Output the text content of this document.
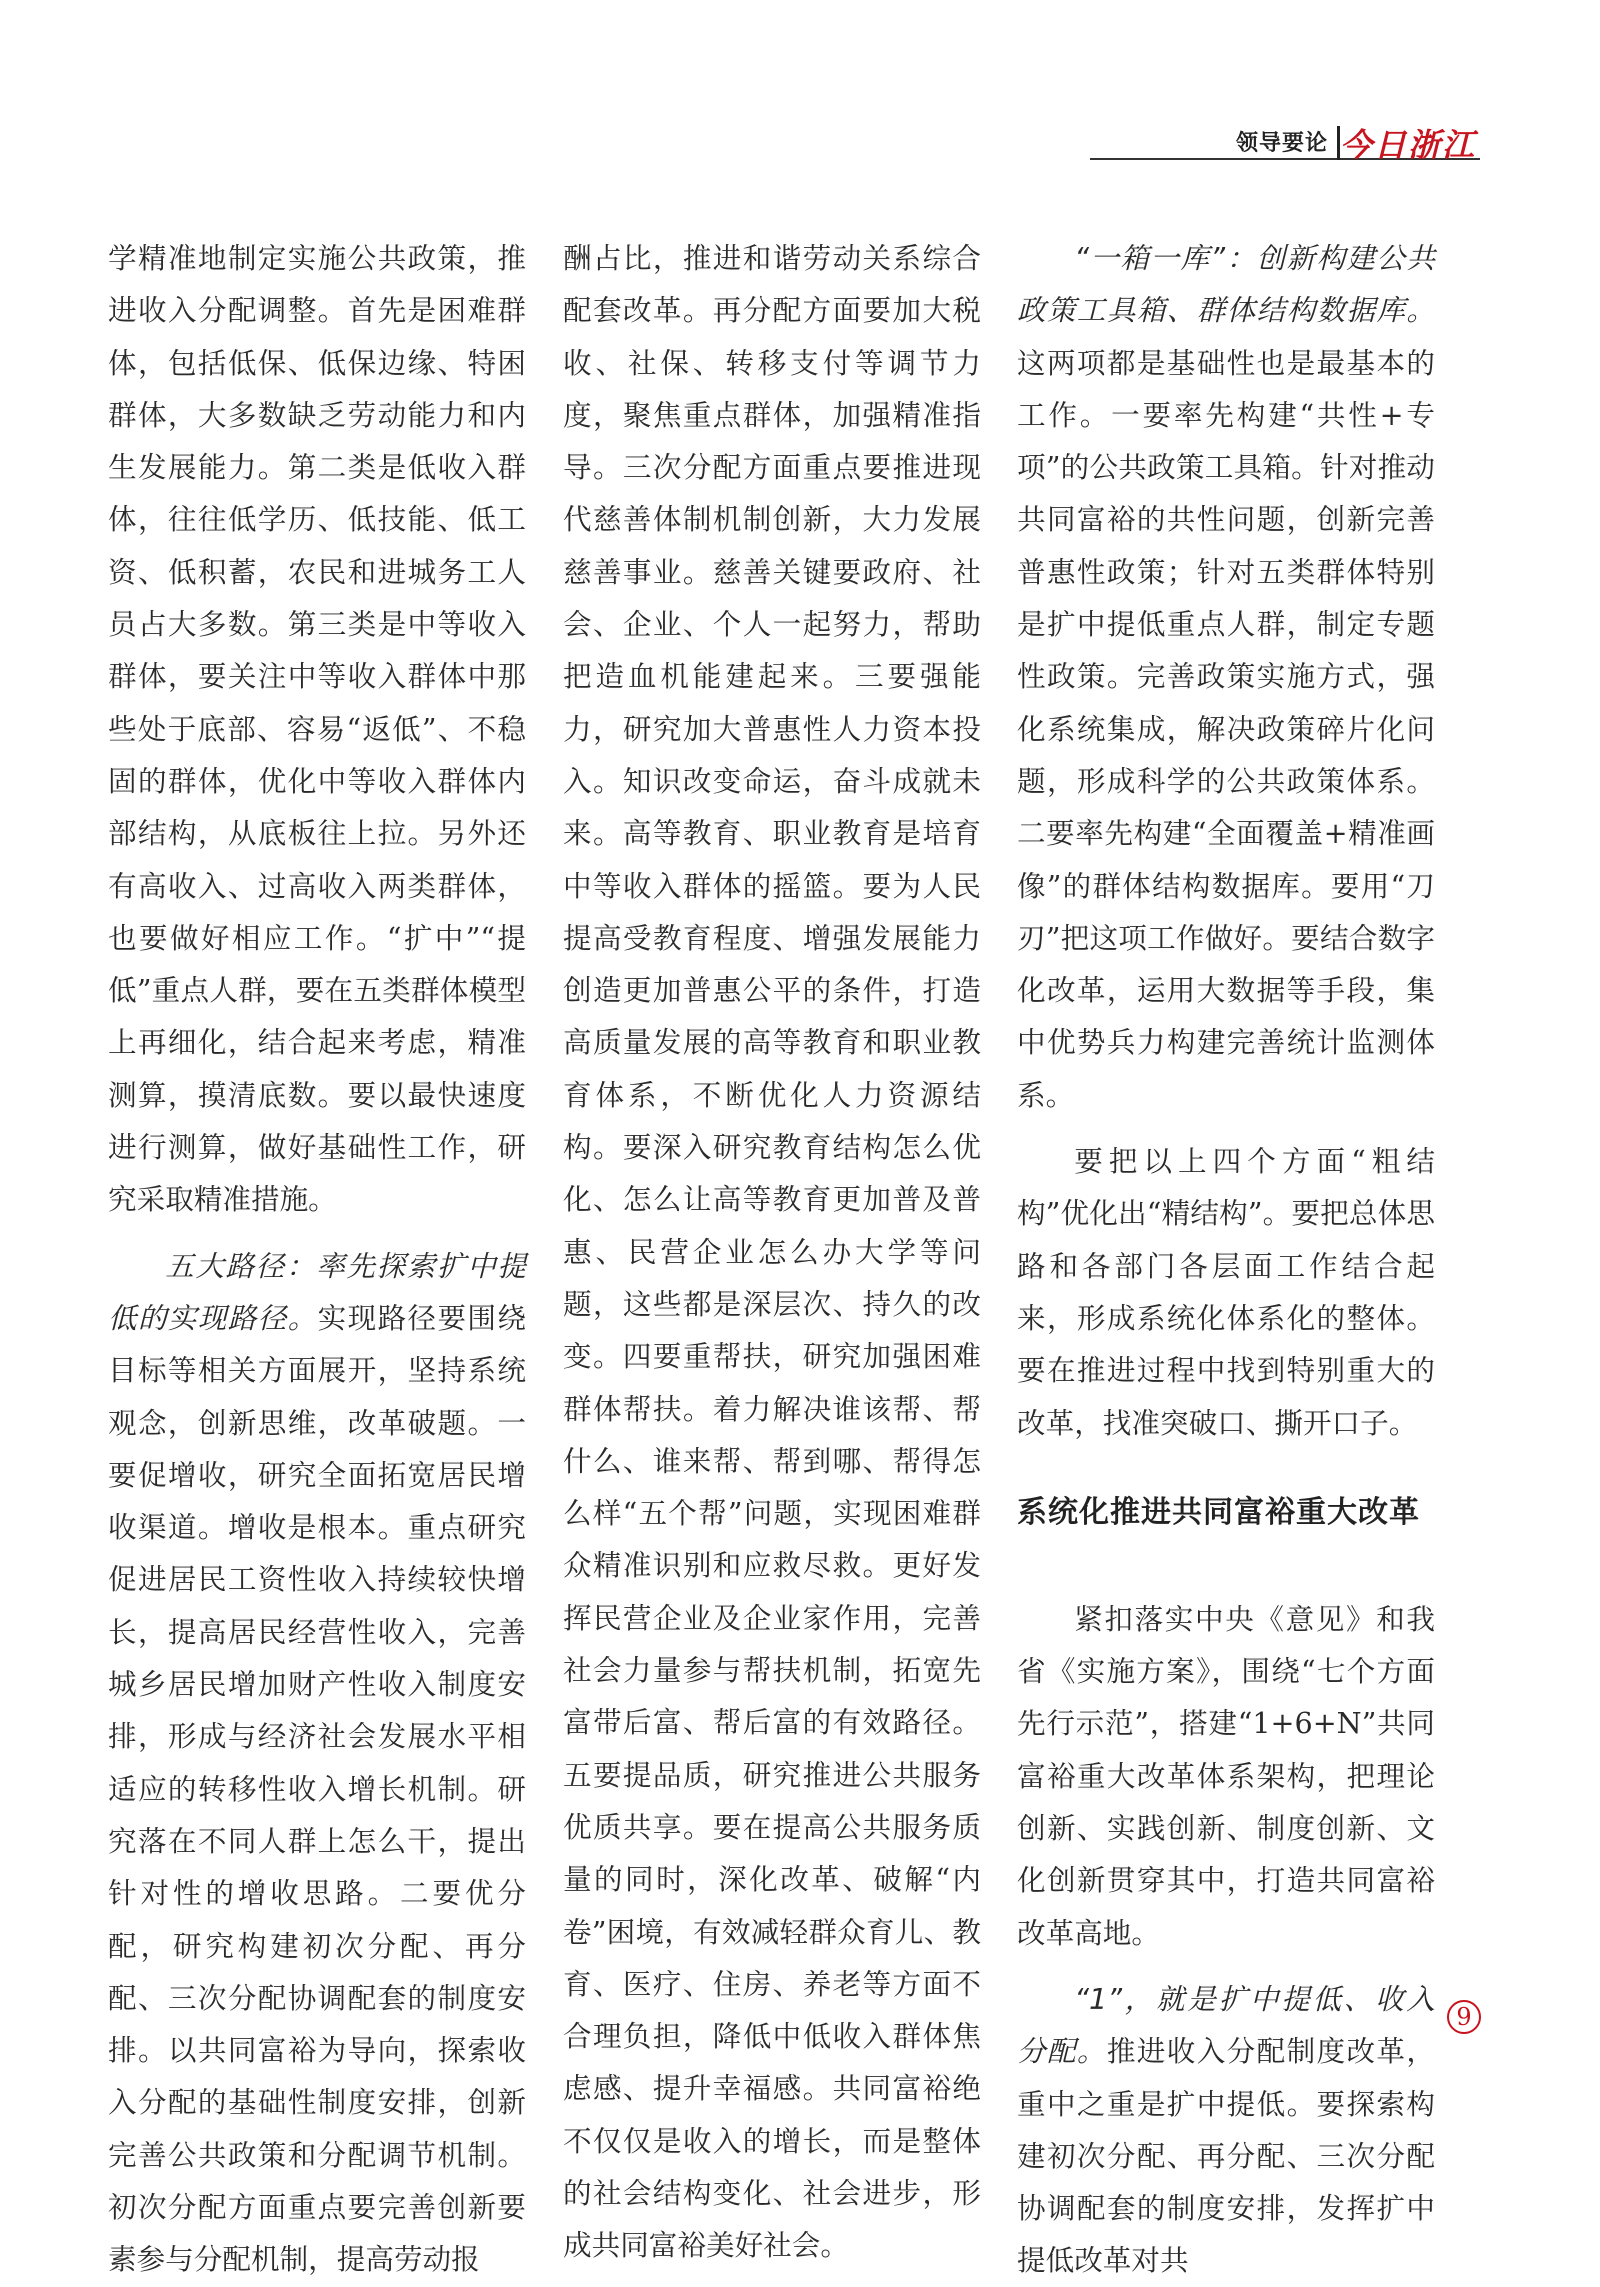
领导要论 今日浙江

学精准地制定实施公共政策，推进收入分配调整。首先是困难群体，包括低保、低保边缘、特困群体，大多数缺乏劳动能力和内生发展能力。第二类是低收入群体，往往低学历、低技能、低工资、低积蓄，农民和进城务工人员占大多数。第三类是中等收入群体，要关注中等收入群体中那些处于底部、容易“返低”、不稳固的群体，优化中等收入群体内部结构，从底板往上拉。另外还有高收入、过高收入两类群体，也要做好相应工作。“扩中”“提低”重点人群，要在五类群体模型上再细化，结合起来考虑，精准测算，摸清底数。要以最快速度进行测算，做好基础性工作，研究采取精准措施。

五大路径：率先探索扩中提低的实现路径。实现路径要围绕目标等相关方面展开，坚持系统观念，创新思维，改革破题。一要促增收，研究全面拓宽居民增收渠道。增收是根本。重点研究促进居民工资性收入持续较快增长，提高居民经营性收入，完善城乡居民增加财产性收入制度安排，形成与经济社会发展水平相适应的转移性收入增长机制。研究落在不同人群上怎么干，提出针对性的增收思路。二要优分配，研究构建初次分配、再分配、三次分配协调配套的制度安排。以共同富裕为导向，探索收入分配的基础性制度安排，创新完善公共政策和分配调节机制。初次分配方面重点要完善创新要素参与分配机制，提高劳动报

酬占比，推进和谐劳动关系综合配套改革。再分配方面要加大税收、社保、转移支付等调节力度，聚焦重点群体，加强精准指导。三次分配方面重点要推进现代慈善体制机制创新，大力发展慈善事业。慈善关键要政府、社会、企业、个人一起努力，帮助把造血机能建起来。三要强能力，研究加大普惠性人力资本投入。知识改变命运，奋斗成就未来。高等教育、职业教育是培育中等收入群体的摇篮。要为人民提高受教育程度、增强发展能力创造更加普惠公平的条件，打造高质量发展的高等教育和职业教育体系，不断优化人力资源结构。要深入研究教育结构怎么优化、怎么让高等教育更加普及普惠、民营企业怎么办大学等问题，这些都是深层次、持久的改变。四要重帮扶，研究加强困难群体帮扶。着力解决谁该帮、帮什么、谁来帮、帮到哪、帮得怎么样“五个帮”问题，实现困难群众精准识别和应救尽救。更好发挥民营企业及企业家作用，完善社会力量参与帮扶机制，拓宽先富带后富、帮后富的有效路径。五要提品质，研究推进公共服务优质共享。要在提高公共服务质量的同时，深化改革、破解“内卷”困境，有效减轻群众育儿、教育、医疗、住房、养老等方面不合理负担，降低中低收入群体焦虑感、提升幸福感。共同富裕绝不仅仅是收入的增长，而是整体的社会结构变化、社会进步，形成共同富裕美好社会。

“一箱一库”：创新构建公共政策工具箱、群体结构数据库。这两项都是基础性也是最基本的工作。一要率先构建“共性+专项”的公共政策工具箱。针对推动共同富裕的共性问题，创新完善普惠性政策；针对五类群体特别是扩中提低重点人群，制定专题性政策。完善政策实施方式，强化系统集成，解决政策碎片化问题，形成科学的公共政策体系。二要率先构建“全面覆盖+精准画像”的群体结构数据库。要用“刀刃”把这项工作做好。要结合数字化改革，运用大数据等手段，集中优势兵力构建完善统计监测体系。

要把以上四个方面“粗结构”优化出“精结构”。要把总体思路和各部门各层面工作结合起来，形成系统化体系化的整体。要在推进过程中找到特别重大的改革，找准突破口、撕开口子。

系统化推进共同富裕重大改革

紧扣落实中央《意见》和我省《实施方案》，围绕“七个方面先行示范”，搭建“1+6+N”共同富裕重大改革体系架构，把理论创新、实践创新、制度创新、文化创新贯穿其中，打造共同富裕改革高地。

“1”，就是扩中提低、收入分配。推进收入分配制度改革，重中之重是扩中提低。要探索构建初次分配、再分配、三次分配协调配套的制度安排，发挥扩中提低改革对共

9
